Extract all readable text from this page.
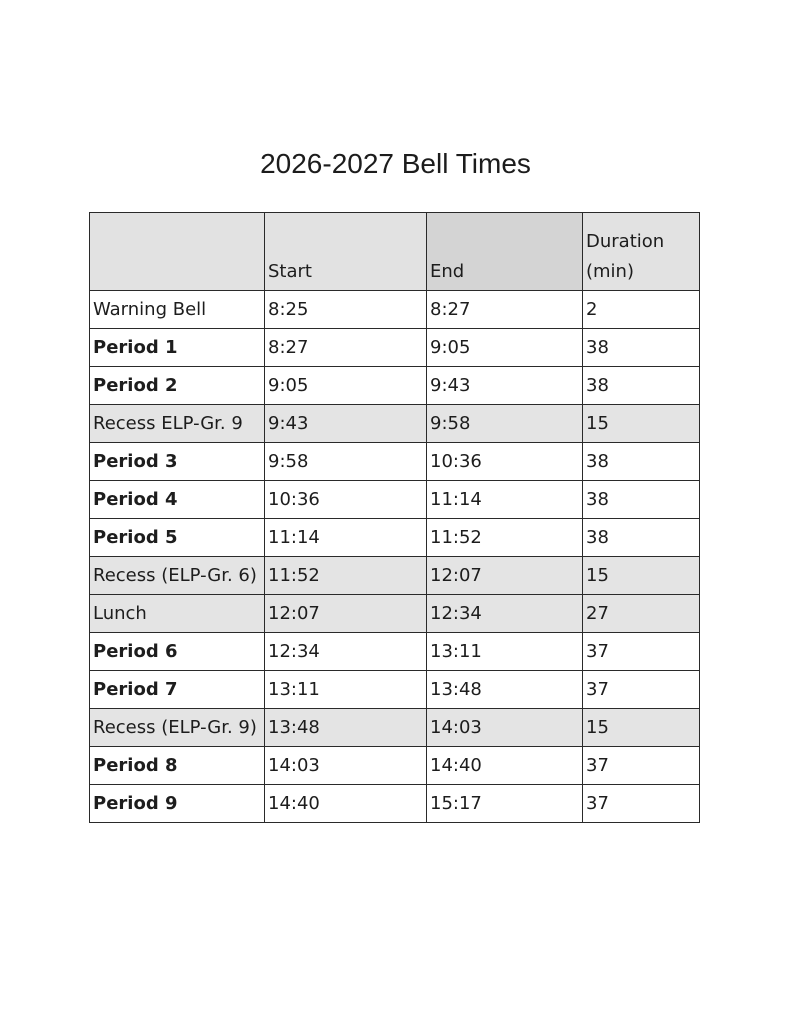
2026-2027 Bell Times
	Start	End	Duration (min)
Warning Bell	8:25	8:27	2
Period 1	8:27	9:05	38
Period 2	9:05	9:43	38
Recess ELP-Gr. 9	9:43	9:58	15
Period 3	9:58	10:36	38
Period 4	10:36	11:14	38
Period 5	11:14	11:52	38
Recess (ELP-Gr. 6)	11:52	12:07	15
Lunch	12:07	12:34	27
Period 6	12:34	13:11	37
Period 7	13:11	13:48	37
Recess (ELP-Gr. 9)	13:48	14:03	15
Period 8	14:03	14:40	37
Period 9	14:40	15:17	37
